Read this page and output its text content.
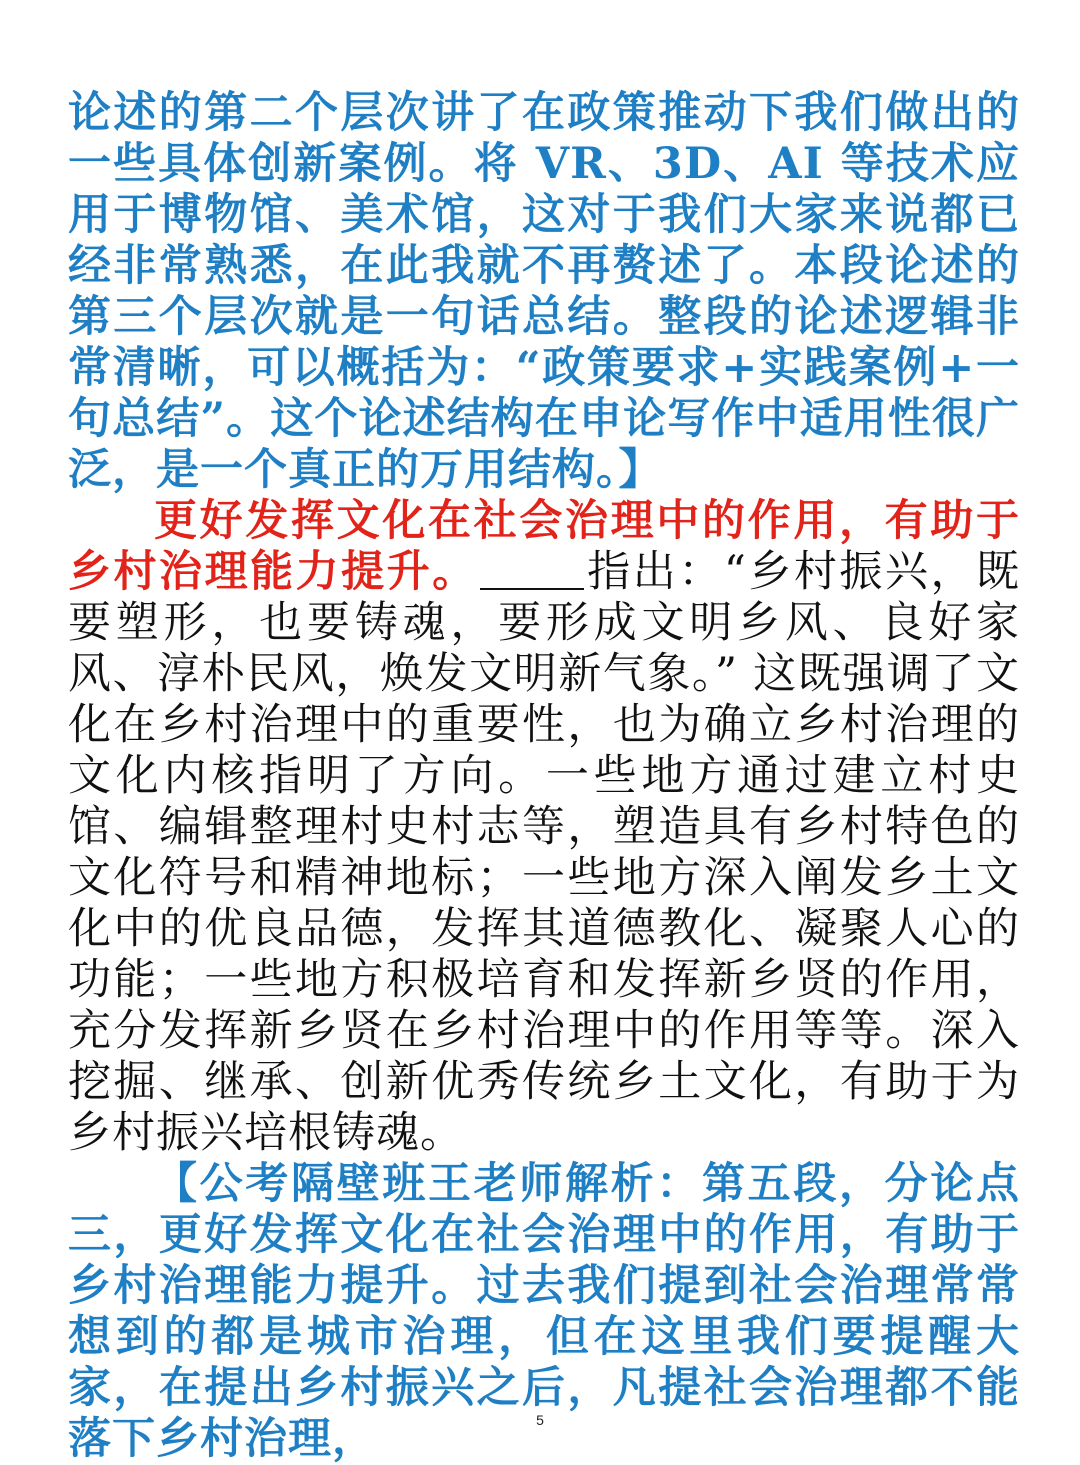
论述的第二个层次讲了在政策推动下我们做出的一些具体创新案例。将 VR、3D、AI 等技术应用于博物馆、美术馆，这对于我们大家来说都已经非常熟悉，在此我就不再赘述了。本段论述的第三个层次就是一句话总结。整段的论述逻辑非常清晰，可以概括为：“政策要求+实践案例+一句总结”。这个论述结构在申论写作中适用性很广泛，是一个真正的万用结构。】

更好发挥文化在社会治理中的作用，有助于乡村治理能力提升。	指出：“乡村振兴，既要塑形，也要铸魂，要形成文明乡风、良好家风、淳朴民风，焕发文明新气象。” 这既强调了文化在乡村治理中的重要性，也为确立乡村治理的文化内核指明了方向。一些地方通过建立村史馆、编辑整理村史村志等，塑造具有乡村特色的文化符号和精神地标；一些地方深入阐发乡土文化中的优良品德，发挥其道德教化、凝聚人心的功能；一些地方积极培育和发挥新乡贤的作用，充分发挥新乡贤在乡村治理中的作用等等。深入挖掘、继承、创新优秀传统乡土文化，有助于为乡村振兴培根铸魂。

【公考隔壁班王老师解析：第五段，分论点三，更好发挥文化在社会治理中的作用，有助于乡村治理能力提升。过去我们提到社会治理常常想到的都是城市治理，但在这里我们要提醒大家，在提出乡村振兴之后，凡提社会治理都不能落下乡村治理，	5
